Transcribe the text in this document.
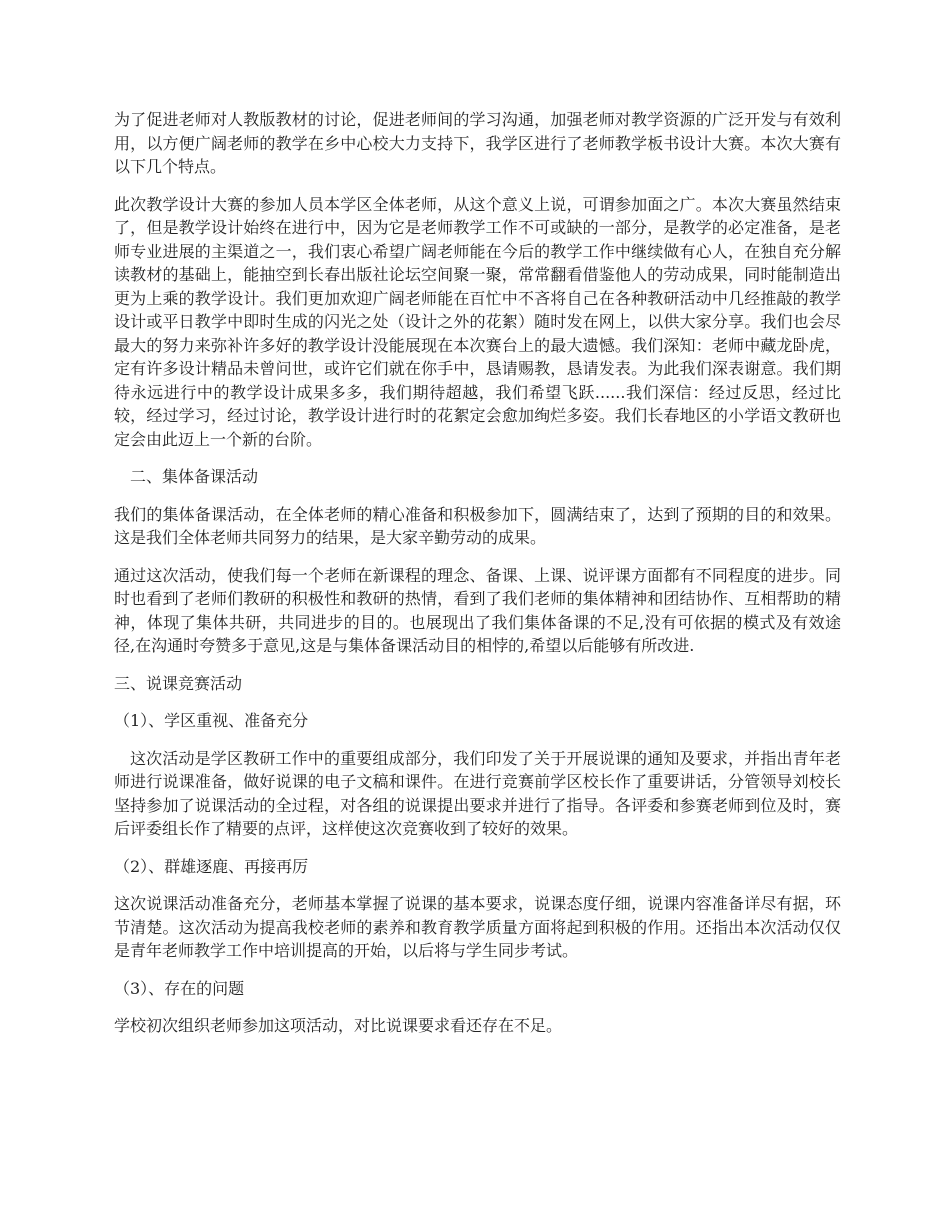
为了促进老师对人教版教材的讨论，促进老师间的学习沟通，加强老师对教学资源的广泛开发与有效利用，以方便广阔老师的教学在乡中心校大力支持下，我学区进行了老师教学板书设计大赛。本次大赛有以下几个特点。

此次教学设计大赛的参加人员本学区全体老师，从这个意义上说，可谓参加面之广。本次大赛虽然结束了，但是教学设计始终在进行中，因为它是老师教学工作不可或缺的一部分，是教学的必定准备，是老师专业进展的主渠道之一，我们衷心希望广阔老师能在今后的教学工作中继续做有心人，在独自充分解读教材的基础上，能抽空到长春出版社论坛空间聚一聚，常常翻看借鉴他人的劳动成果，同时能制造出更为上乘的教学设计。我们更加欢迎广阔老师能在百忙中不吝将自己在各种教研活动中几经推敲的教学设计或平日教学中即时生成的闪光之处（设计之外的花絮）随时发在网上，以供大家分享。我们也会尽最大的努力来弥补许多好的教学设计没能展现在本次赛台上的最大遗憾。我们深知：老师中藏龙卧虎，定有许多设计精品未曾问世，或许它们就在你手中，恳请赐教，恳请发表。为此我们深表谢意。我们期待永远进行中的教学设计成果多多，我们期待超越，我们希望飞跃......我们深信：经过反思，经过比较，经过学习，经过讨论，教学设计进行时的花絮定会愈加绚烂多姿。我们长春地区的小学语文教研也定会由此迈上一个新的台阶。

二、集体备课活动

我们的集体备课活动，在全体老师的精心准备和积极参加下，圆满结束了，达到了预期的目的和效果。这是我们全体老师共同努力的结果，是大家辛勤劳动的成果。

通过这次活动，使我们每一个老师在新课程的理念、备课、上课、说评课方面都有不同程度的进步。同时也看到了老师们教研的积极性和教研的热情，看到了我们老师的集体精神和团结协作、互相帮助的精神，体现了集体共研，共同进步的目的。也展现出了我们集体备课的不足,没有可依据的模式及有效途径,在沟通时夸赞多于意见,这是与集体备课活动目的相悖的,希望以后能够有所改进.

三、说课竞赛活动

（1）、学区重视、准备充分

这次活动是学区教研工作中的重要组成部分，我们印发了关于开展说课的通知及要求，并指出青年老师进行说课准备，做好说课的电子文稿和课件。在进行竞赛前学区校长作了重要讲话，分管领导刘校长坚持参加了说课活动的全过程，对各组的说课提出要求并进行了指导。各评委和参赛老师到位及时，赛后评委组长作了精要的点评，这样使这次竞赛收到了较好的效果。

（2）、群雄逐鹿、再接再厉

这次说课活动准备充分，老师基本掌握了说课的基本要求，说课态度仔细，说课内容准备详尽有据，环节清楚。这次活动为提高我校老师的素养和教育教学质量方面将起到积极的作用。还指出本次活动仅仅是青年老师教学工作中培训提高的开始，以后将与学生同步考试。

（3）、存在的问题

学校初次组织老师参加这项活动，对比说课要求看还存在不足。
